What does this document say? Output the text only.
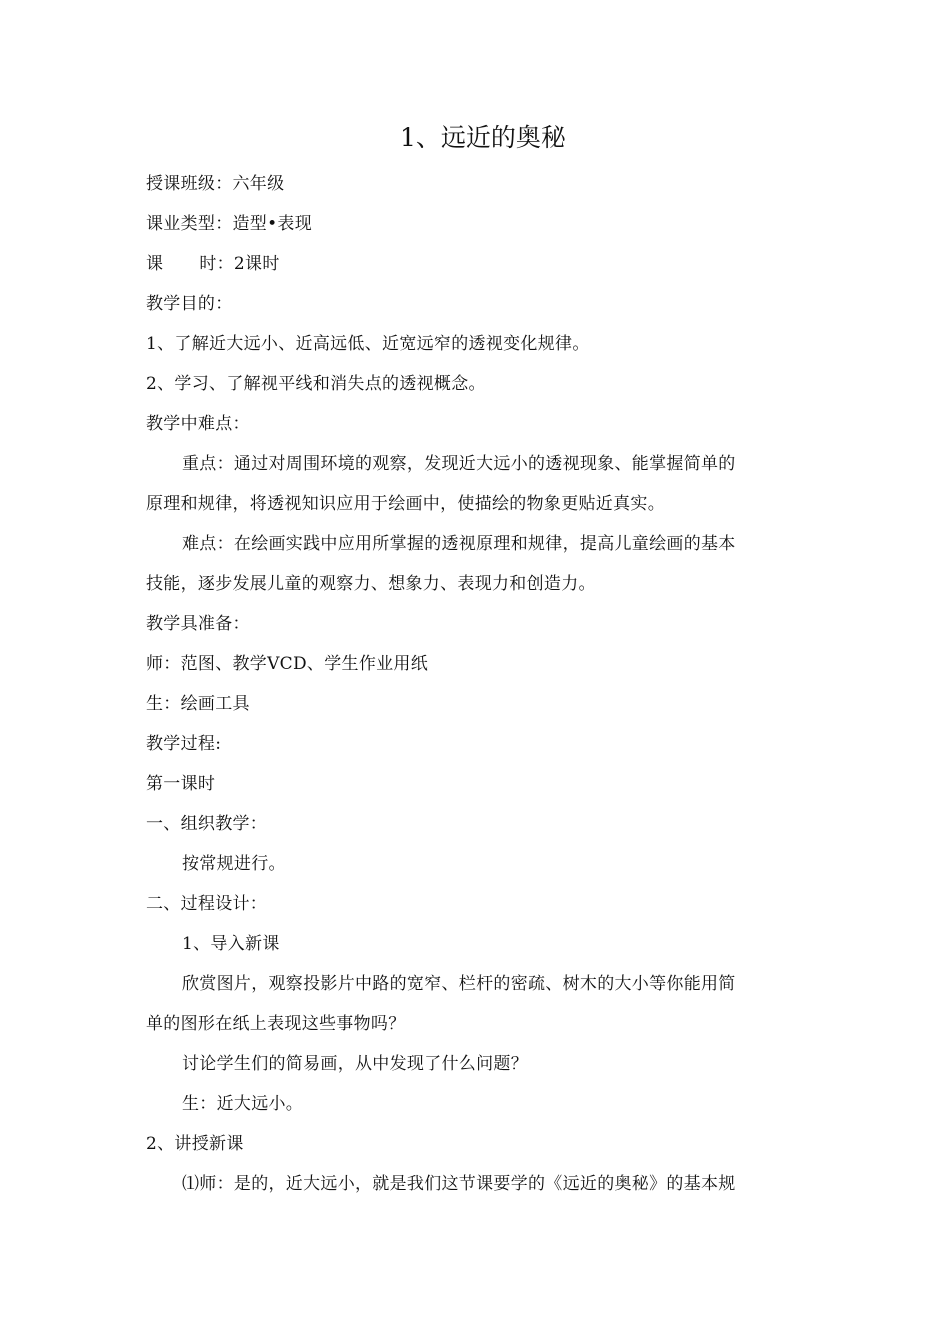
1、远近的奥秘

授课班级：六年级

课业类型：造型•表现

课 时：2课时

教学目的：

1、了解近大远小、近高远低、近宽远窄的透视变化规律。

2、学习、了解视平线和消失点的透视概念。

教学中难点：

重点：通过对周围环境的观察，发现近大远小的透视现象、能掌握简单的

原理和规律，将透视知识应用于绘画中，使描绘的物象更贴近真实。

难点：在绘画实践中应用所掌握的透视原理和规律，提高儿童绘画的基本

技能，逐步发展儿童的观察力、想象力、表现力和创造力。

教学具准备：

师：范图、教学VCD、学生作业用纸

生：绘画工具

教学过程:

第一课时

一、组织教学：

按常规进行。

二、过程设计：

1、导入新课

欣赏图片，观察投影片中路的宽窄、栏杆的密疏、树木的大小等你能用简

单的图形在纸上表现这些事物吗？

讨论学生们的简易画，从中发现了什么问题？

生：近大远小。

2、讲授新课

⑴师：是的，近大远小，就是我们这节课要学的《远近的奥秘》的基本规
